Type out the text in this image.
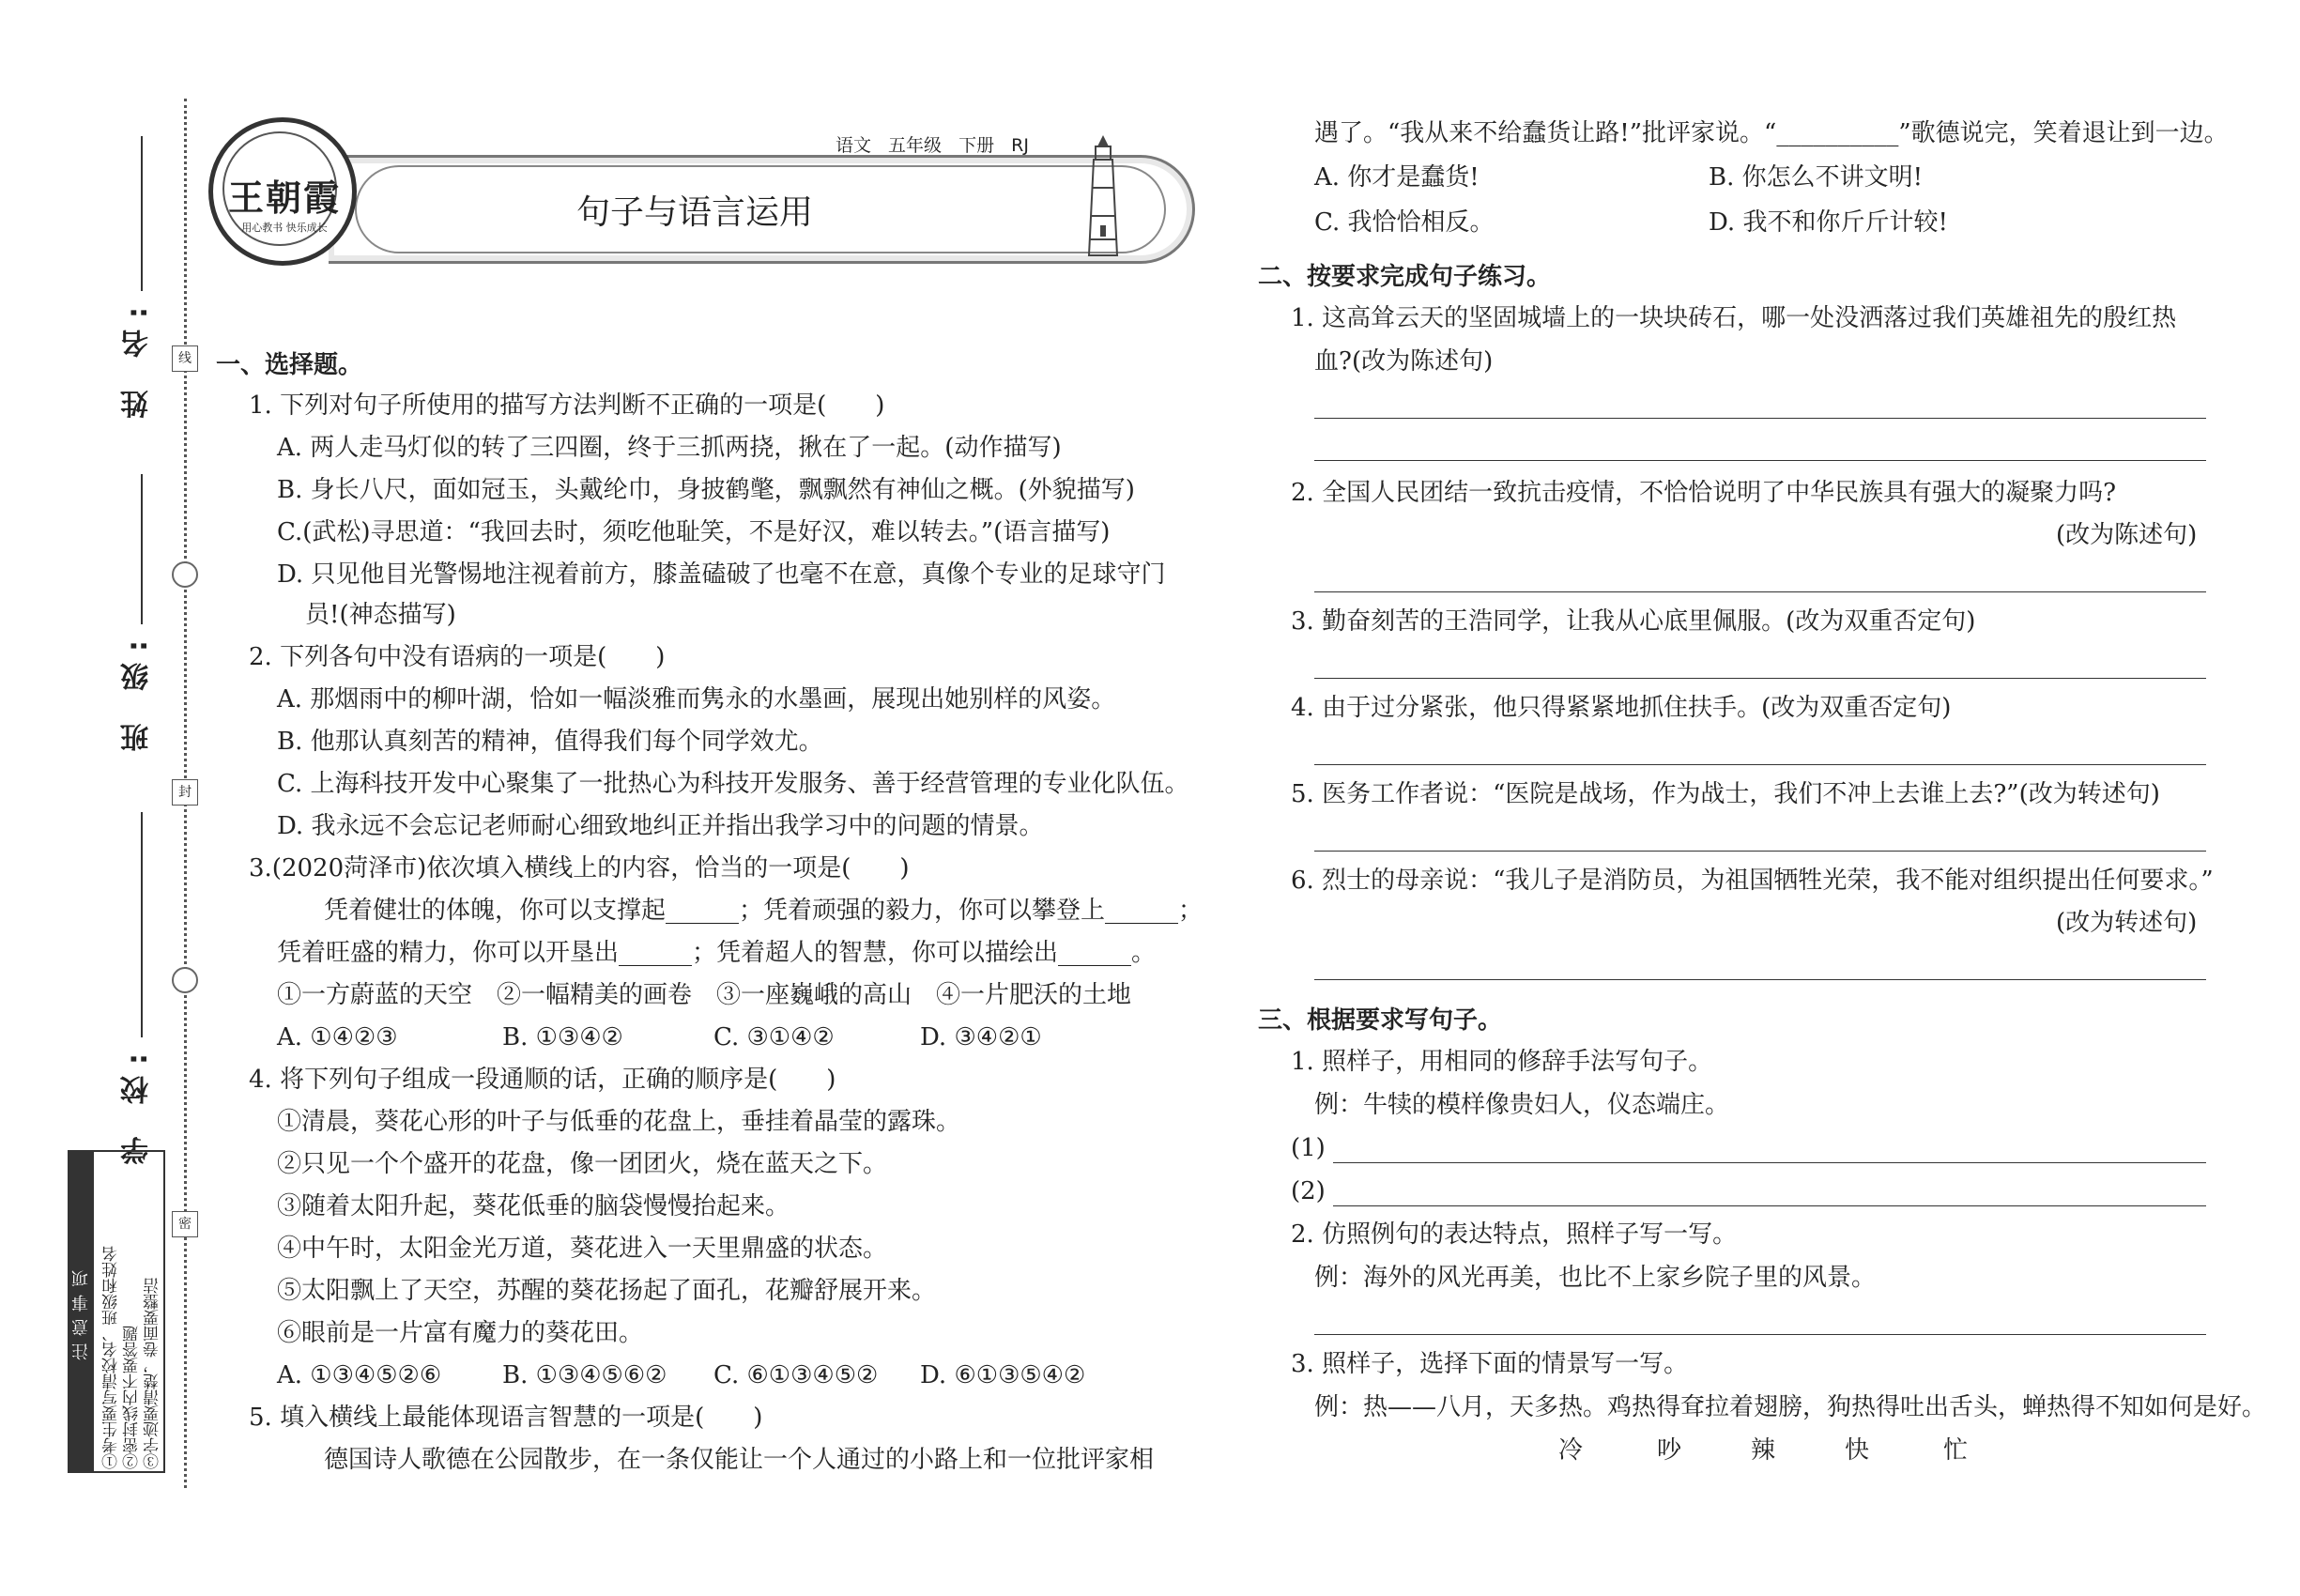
线
封
密
姓 名:
班 级:
学 校:
注意事项 ①考生要写清校名、班级和姓名 ②密封线内不要答题 ③字迹要清楚，卷面要整洁
句子与语言运用
语文 五年级 下册 RJ
王朝霞
用心教书 快乐成长
一、选择题。
1. 下列对句子所使用的描写方法判断不正确的一项是(　　)
A. 两人走马灯似的转了三四圈，终于三抓两挠，揪在了一起。(动作描写)
B. 身长八尺，面如冠玉，头戴纶巾，身披鹤氅，飘飘然有神仙之概。(外貌描写)
C.(武松)寻思道：“我回去时，须吃他耻笑，不是好汉，难以转去。”(语言描写)
D. 只见他目光警惕地注视着前方，膝盖磕破了也毫不在意，真像个专业的足球守门
员!(神态描写)
2. 下列各句中没有语病的一项是(　　)
A. 那烟雨中的柳叶湖，恰如一幅淡雅而隽永的水墨画，展现出她别样的风姿。
B. 他那认真刻苦的精神，值得我们每个同学效尤。
C. 上海科技开发中心聚集了一批热心为科技开发服务、善于经营管理的专业化队伍。
D. 我永远不会忘记老师耐心细致地纠正并指出我学习中的问题的情景。
3.(2020菏泽市)依次填入横线上的内容，恰当的一项是(　　)
凭着健壮的体魄，你可以支撑起______；凭着顽强的毅力，你可以攀登上______；
凭着旺盛的精力，你可以开垦出______；凭着超人的智慧，你可以描绘出______。
①一方蔚蓝的天空　②一幅精美的画卷　③一座巍峨的高山　④一片肥沃的土地
A. ①④②③	B. ①③④②	C. ③①④②	D. ③④②①
4. 将下列句子组成一段通顺的话，正确的顺序是(　　)
①清晨，葵花心形的叶子与低垂的花盘上，垂挂着晶莹的露珠。
②只见一个个盛开的花盘，像一团团火，烧在蓝天之下。
③随着太阳升起，葵花低垂的脑袋慢慢抬起来。
④中午时，太阳金光万道，葵花进入一天里鼎盛的状态。
⑤太阳飘上了天空，苏醒的葵花扬起了面孔，花瓣舒展开来。
⑥眼前是一片富有魔力的葵花田。
A. ①③④⑤②⑥ B. ①③④⑤⑥② C. ⑥①③④⑤② D. ⑥①③⑤④②
5. 填入横线上最能体现语言智慧的一项是(　　)
德国诗人歌德在公园散步，在一条仅能让一个人通过的小路上和一位批评家相
遇了。“我从来不给蠢货让路!”批评家说。“__________”歌德说完，笑着退让到一边。
A. 你才是蠢货!	B. 你怎么不讲文明!
C. 我恰恰相反。	D. 我不和你斤斤计较!
二、按要求完成句子练习。
1. 这高耸云天的坚固城墙上的一块块砖石，哪一处没洒落过我们英雄祖先的殷红热
血?(改为陈述句)
2. 全国人民团结一致抗击疫情，不恰恰说明了中华民族具有强大的凝聚力吗?
(改为陈述句)
3. 勤奋刻苦的王浩同学，让我从心底里佩服。(改为双重否定句)
4. 由于过分紧张，他只得紧紧地抓住扶手。(改为双重否定句)
5. 医务工作者说：“医院是战场，作为战士，我们不冲上去谁上去?”(改为转述句)
6. 烈士的母亲说：“我儿子是消防员，为祖国牺牲光荣，我不能对组织提出任何要求。”
(改为转述句)
三、根据要求写句子。
1. 照样子，用相同的修辞手法写句子。
例：牛犊的模样像贵妇人，仪态端庄。
(1)
(2)
2. 仿照例句的表达特点，照样子写一写。
例：海外的风光再美，也比不上家乡院子里的风景。
3. 照样子，选择下面的情景写一写。
例：热——八月，天多热。鸡热得耷拉着翅膀，狗热得吐出舌头，蝉热得不知如何是好。
冷	吵	辣	快	忙
